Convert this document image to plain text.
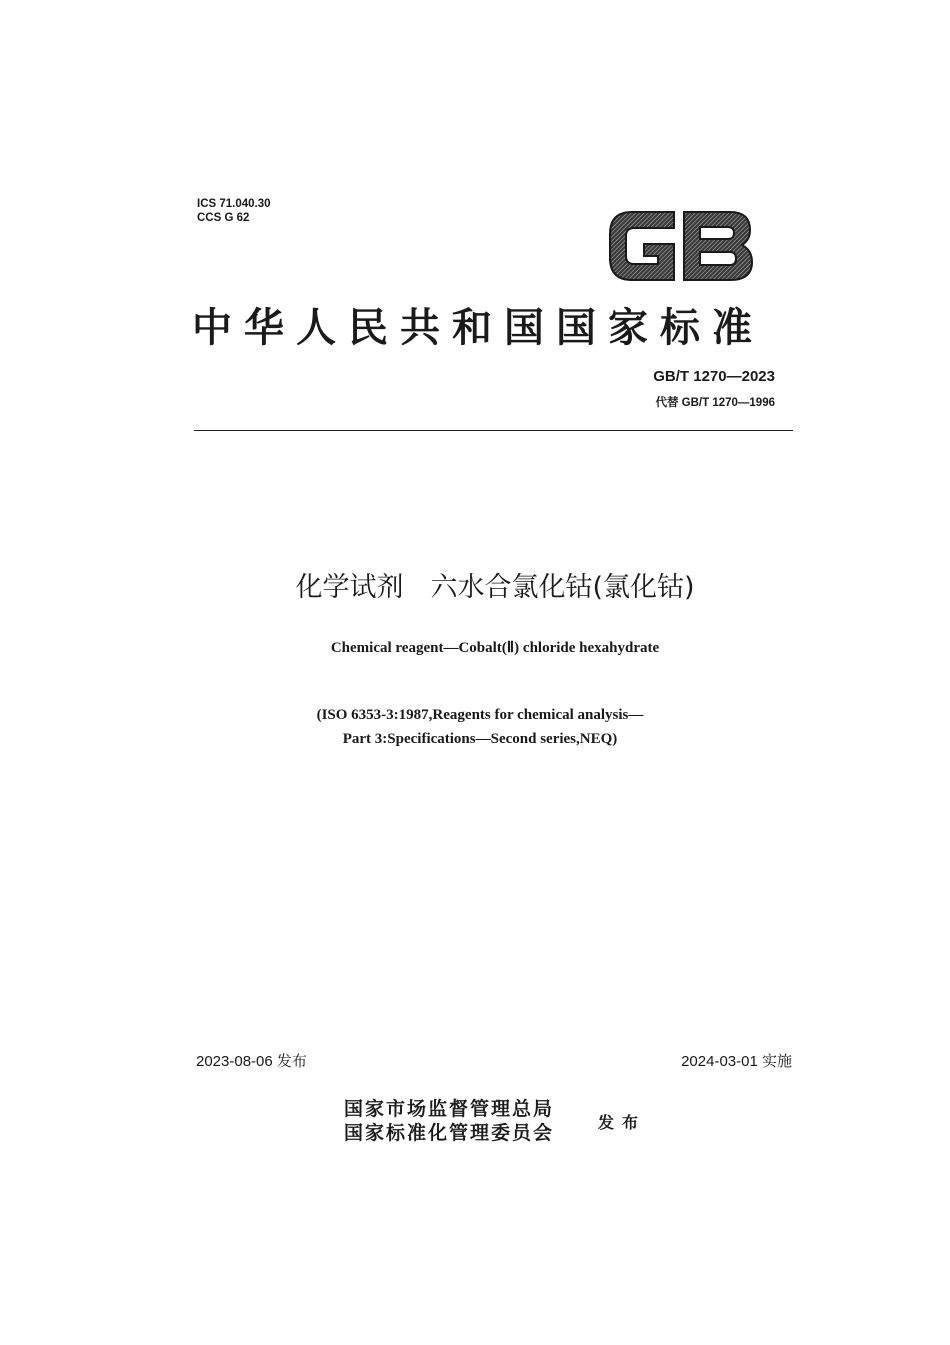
ICS 71.040.30
CCS G 62
中华人民共和国国家标准
GB/T 1270—2023
代替 GB/T 1270—1996
化学试剂　六水合氯化钴(氯化钴)
Chemical reagent—Cobalt(Ⅱ) chloride hexahydrate
(ISO 6353-3:1987,Reagents for chemical analysis—
Part 3:Specifications—Second series,NEQ)
2023-08-06 发布	2024-03-01 实施
国家市场监督管理总局
国家标准化管理委员会	发布
